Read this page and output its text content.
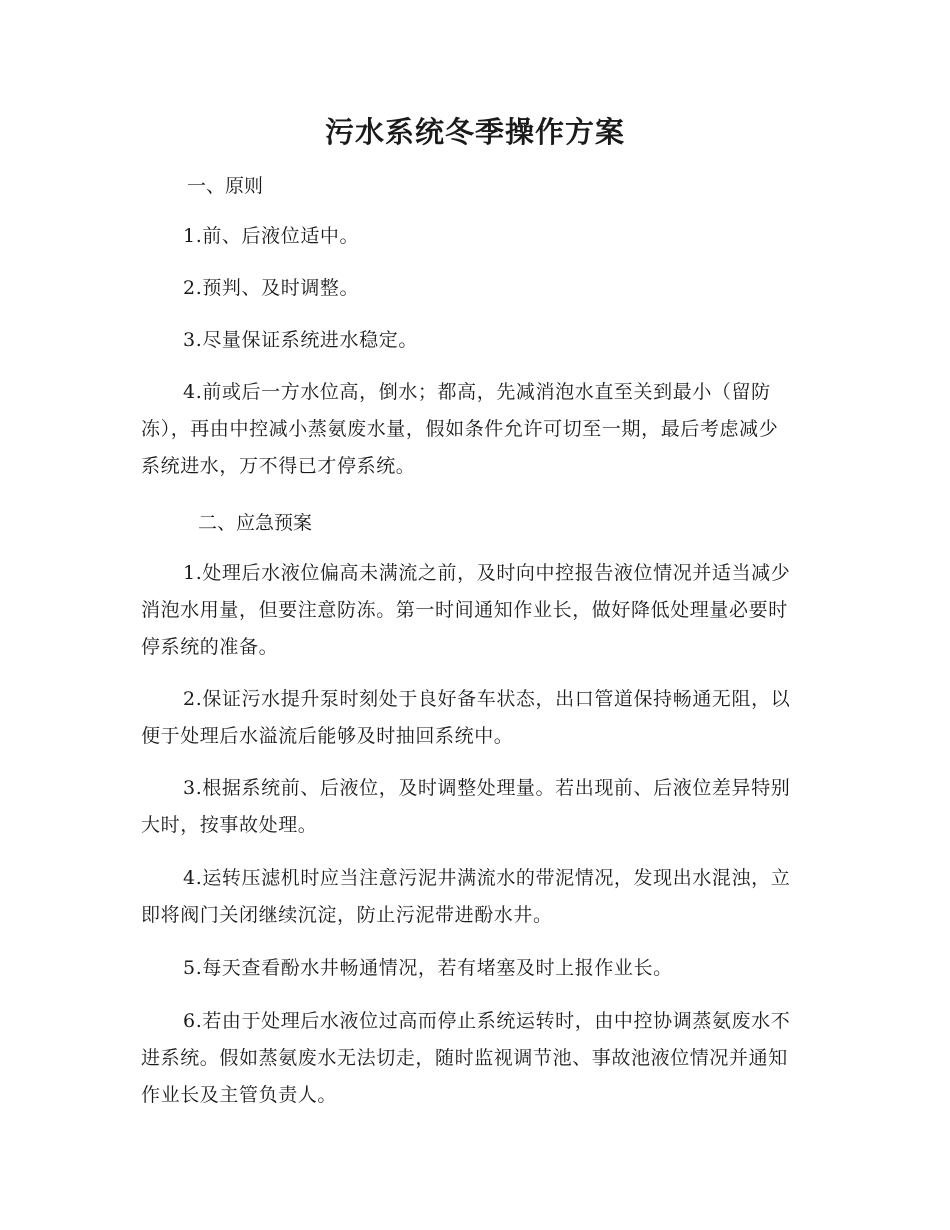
污水系统冬季操作方案
一、原则

1.前、后液位适中。

2.预判、及时调整。

3.尽量保证系统进水稳定。

4.前或后一方水位高，倒水；都高，先减消泡水直至关到最小（留防冻），再由中控减小蒸氨废水量，假如条件允许可切至一期，最后考虑减少系统进水，万不得已才停系统。

二、应急预案

1.处理后水液位偏高未满流之前，及时向中控报告液位情况并适当减少消泡水用量，但要注意防冻。第一时间通知作业长，做好降低处理量必要时停系统的准备。

2.保证污水提升泵时刻处于良好备车状态，出口管道保持畅通无阻，以便于处理后水溢流后能够及时抽回系统中。

3.根据系统前、后液位，及时调整处理量。若出现前、后液位差异特别大时，按事故处理。

4.运转压滤机时应当注意污泥井满流水的带泥情况，发现出水混浊，立即将阀门关闭继续沉淀，防止污泥带进酚水井。

5.每天查看酚水井畅通情况，若有堵塞及时上报作业长。

6.若由于处理后水液位过高而停止系统运转时，由中控协调蒸氨废水不进系统。假如蒸氨废水无法切走，随时监视调节池、事故池液位情况并通知作业长及主管负责人。
